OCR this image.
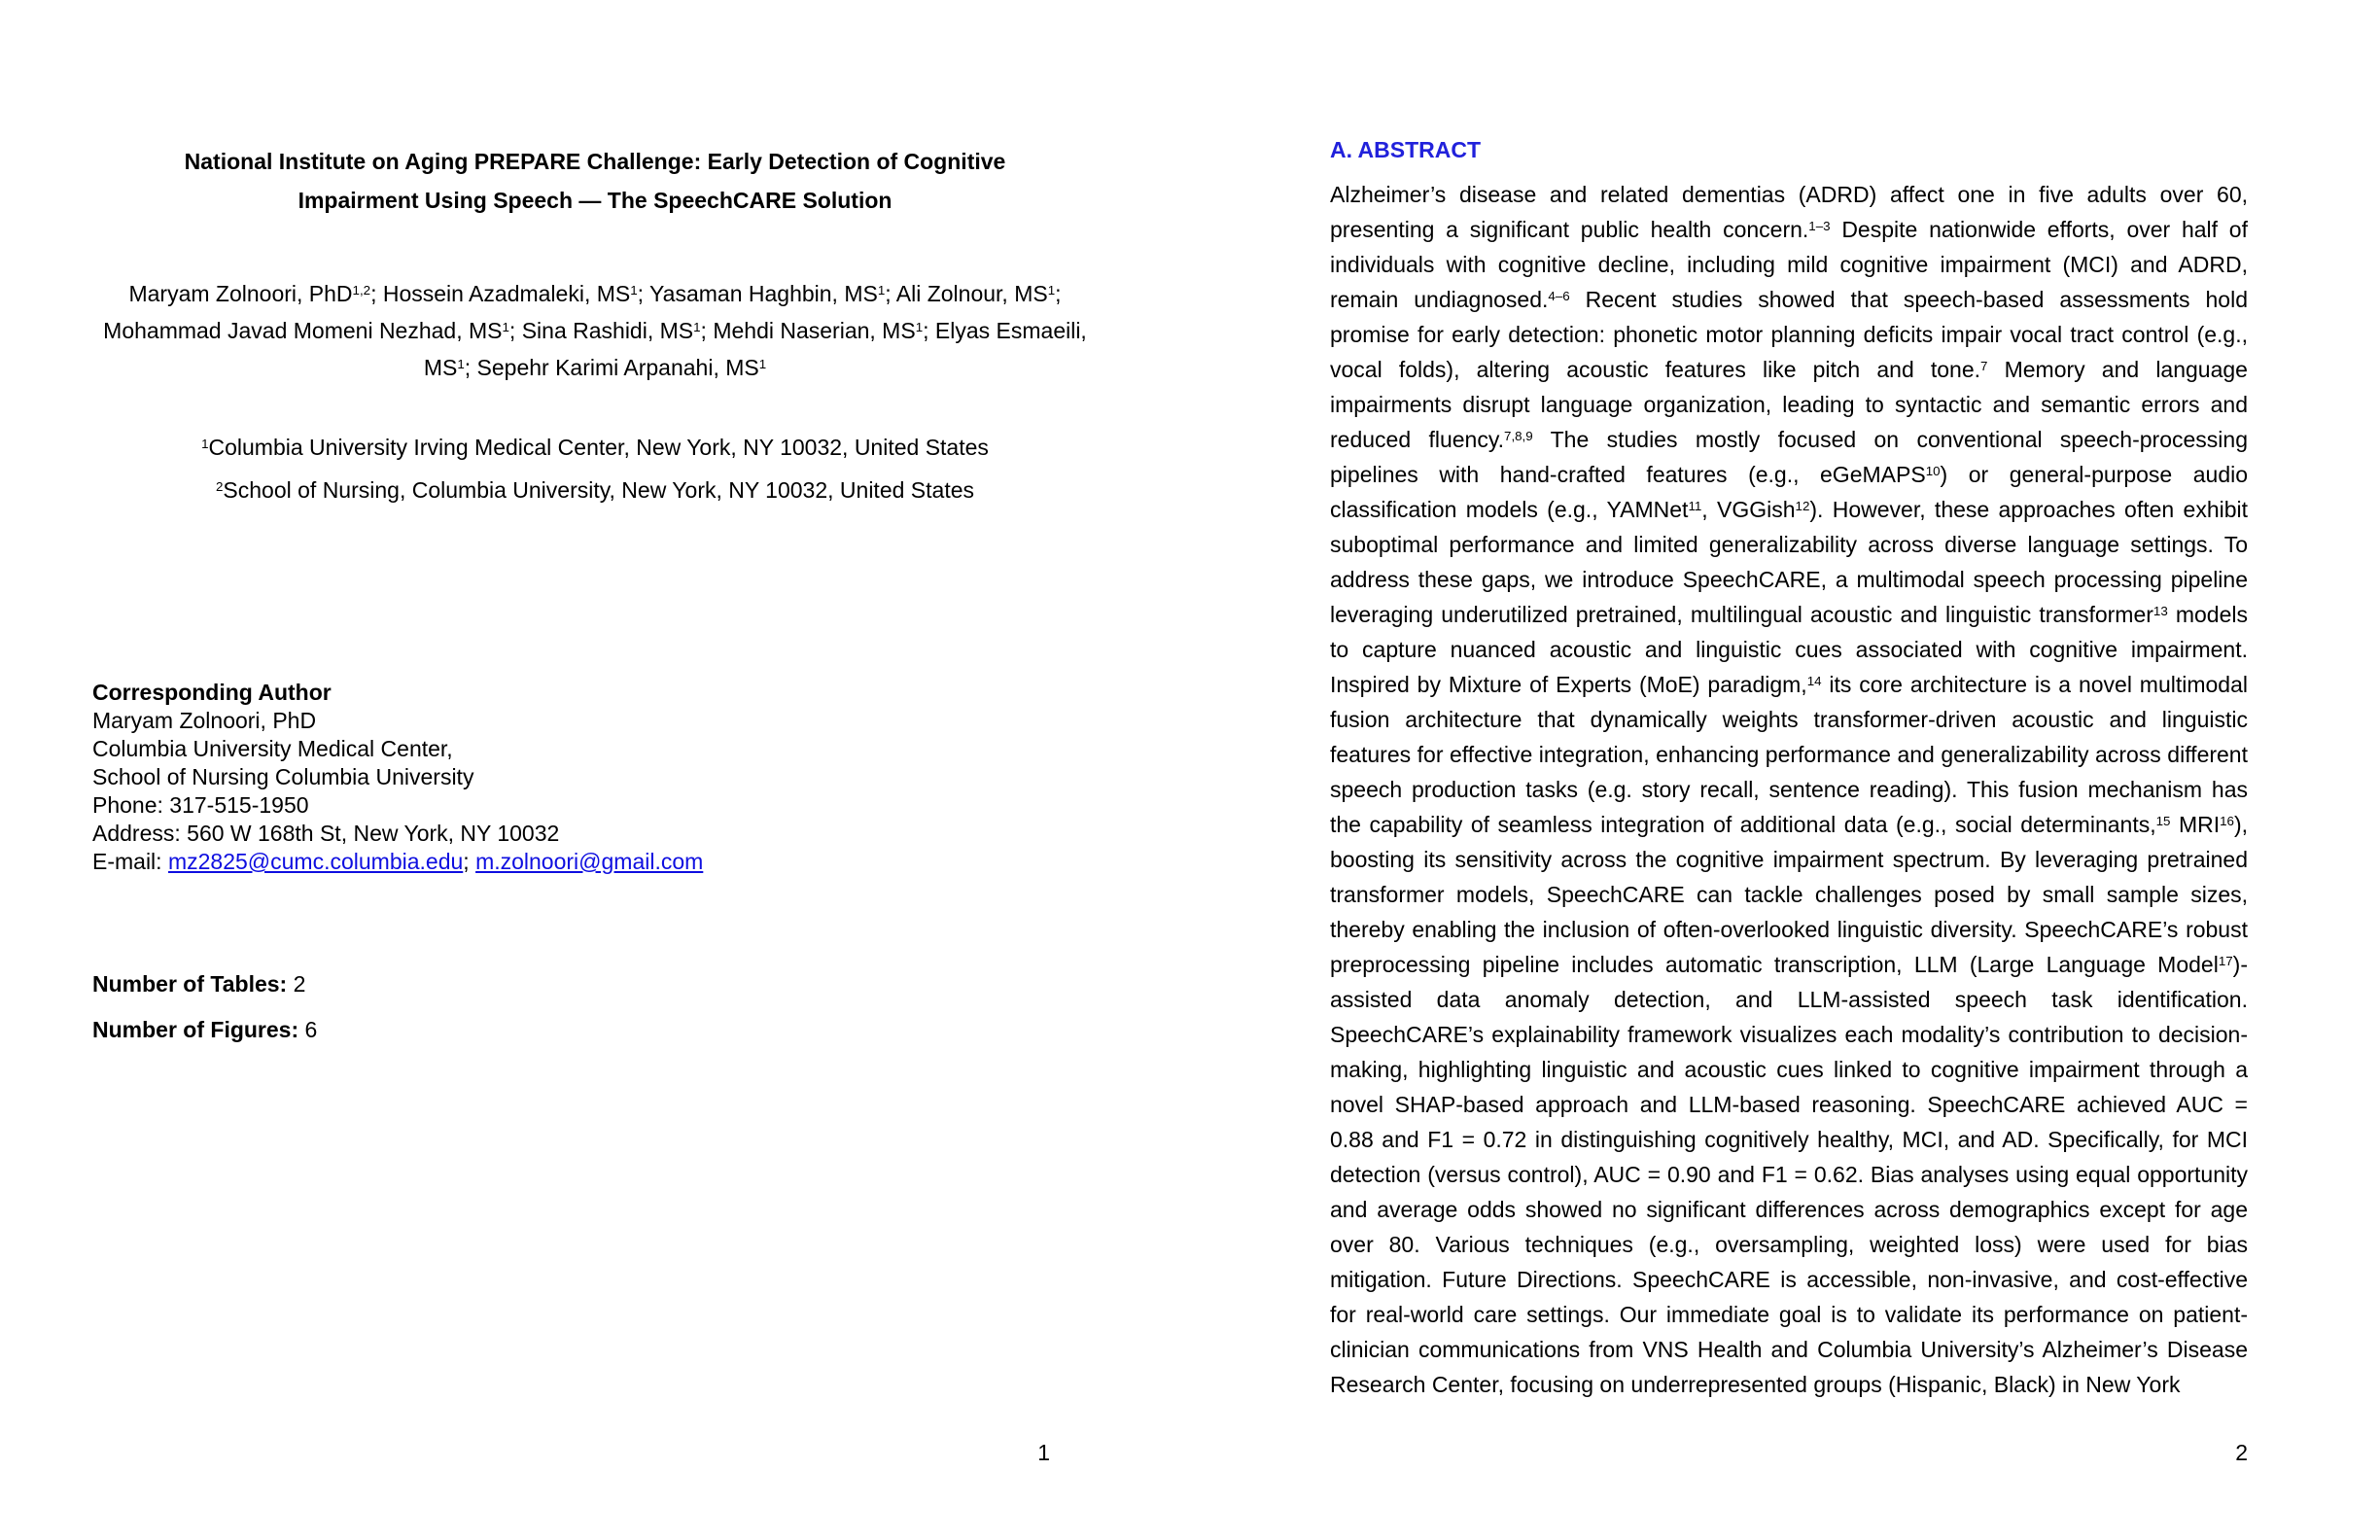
National Institute on Aging PREPARE Challenge: Early Detection of Cognitive Impairment Using Speech — The SpeechCARE Solution

Maryam Zolnoori, PhD$^{1,2}$; Hossein Azadmaleki, $MS^1$; Yasaman Haghbin, $MS^1$; Ali Zolnour, $MS^1$; Mohammad Javad Momeni Nezhad, $MS^1$; Sina Rashidi, $MS^1$; Mehdi Naserian, $MS^1$; Elyas Esmaeili, $MS^1$; Sepehr Karimi Arpanahi, $MS^1$

$^1$Columbia University Irving Medical Center, New York, NY 10032, United States

$^2$School of Nursing, Columbia University, New York, NY 10032, United States

Corresponding Author

Maryam Zolnoori, PhD

Columbia University Medical Center,

School of Nursing Columbia University

Phone: 317-515-1950

Address: 560 W 168th St, New York, NY 10032

E-mail: mz2825@cumc.columbia.edu; m.zolnoori@gmail.com

Number of Tables: 2

Number of Figures: 6

1
A. ABSTRACT

Alzheimer’s disease and related dementias (ADRD) affect one in five adults over 60, presenting a significant public health concern.$^{1-3}$ Despite nationwide efforts, over half of individuals with cognitive decline, including mild cognitive impairment (MCI) and ADRD, remain undiagnosed.$^{4-6}$ Recent studies showed that speech-based assessments hold promise for early detection: phonetic motor planning deficits impair vocal tract control (e.g., vocal folds), altering acoustic features like pitch and tone.$^7$ Memory and language impairments disrupt language organization, leading to syntactic and semantic errors and reduced fluency.$^{7,8,9}$ The studies mostly focused on conventional speech-processing pipelines with hand-crafted features (e.g., eGeMAPS$^{10}$) or general-purpose audio classification models (e.g., YAMNet$^{11}$, VGGish$^{12}$). However, these approaches often exhibit suboptimal performance and limited generalizability across diverse language settings. To address these gaps, we introduce SpeechCARE, a multimodal speech processing pipeline leveraging underutilized pretrained, multilingual acoustic and linguistic transformer$^{13}$ models to capture nuanced acoustic and linguistic cues associated with cognitive impairment. Inspired by Mixture of Experts (MoE) paradigm,$^{14}$ its core architecture is a novel multimodal fusion architecture that dynamically weights transformer-driven acoustic and linguistic features for effective integration, enhancing performance and generalizability across different speech production tasks (e.g. story recall, sentence reading). This fusion mechanism has the capability of seamless integration of additional data (e.g., social determinants,$^{15}$ MRI$^{16}$), boosting its sensitivity across the cognitive impairment spectrum. By leveraging pretrained transformer models, SpeechCARE can tackle challenges posed by small sample sizes, thereby enabling the inclusion of often-overlooked linguistic diversity. SpeechCARE’s robust preprocessing pipeline includes automatic transcription, LLM (Large Language Model$^{17}$)-assisted data anomaly detection, and LLM-assisted speech task identification. SpeechCARE’s explainability framework visualizes each modality’s contribution to decision-making, highlighting linguistic and acoustic cues linked to cognitive impairment through a novel SHAP-based approach and LLM-based reasoning. SpeechCARE achieved AUC = 0.88 and F1 = 0.72 in distinguishing cognitively healthy, MCI, and AD. Specifically, for MCI detection (versus control), AUC = 0.90 and F1 = 0.62. Bias analyses using equal opportunity and average odds showed no significant differences across demographics except for age over 80. Various techniques (e.g., oversampling, weighted loss) were used for bias mitigation. Future Directions. SpeechCARE is accessible, non-invasive, and cost-effective for real-world care settings. Our immediate goal is to validate its performance on patient-clinician communications from VNS Health and Columbia University’s Alzheimer’s Disease Research Center, focusing on underrepresented groups (Hispanic, Black) in New York

2
